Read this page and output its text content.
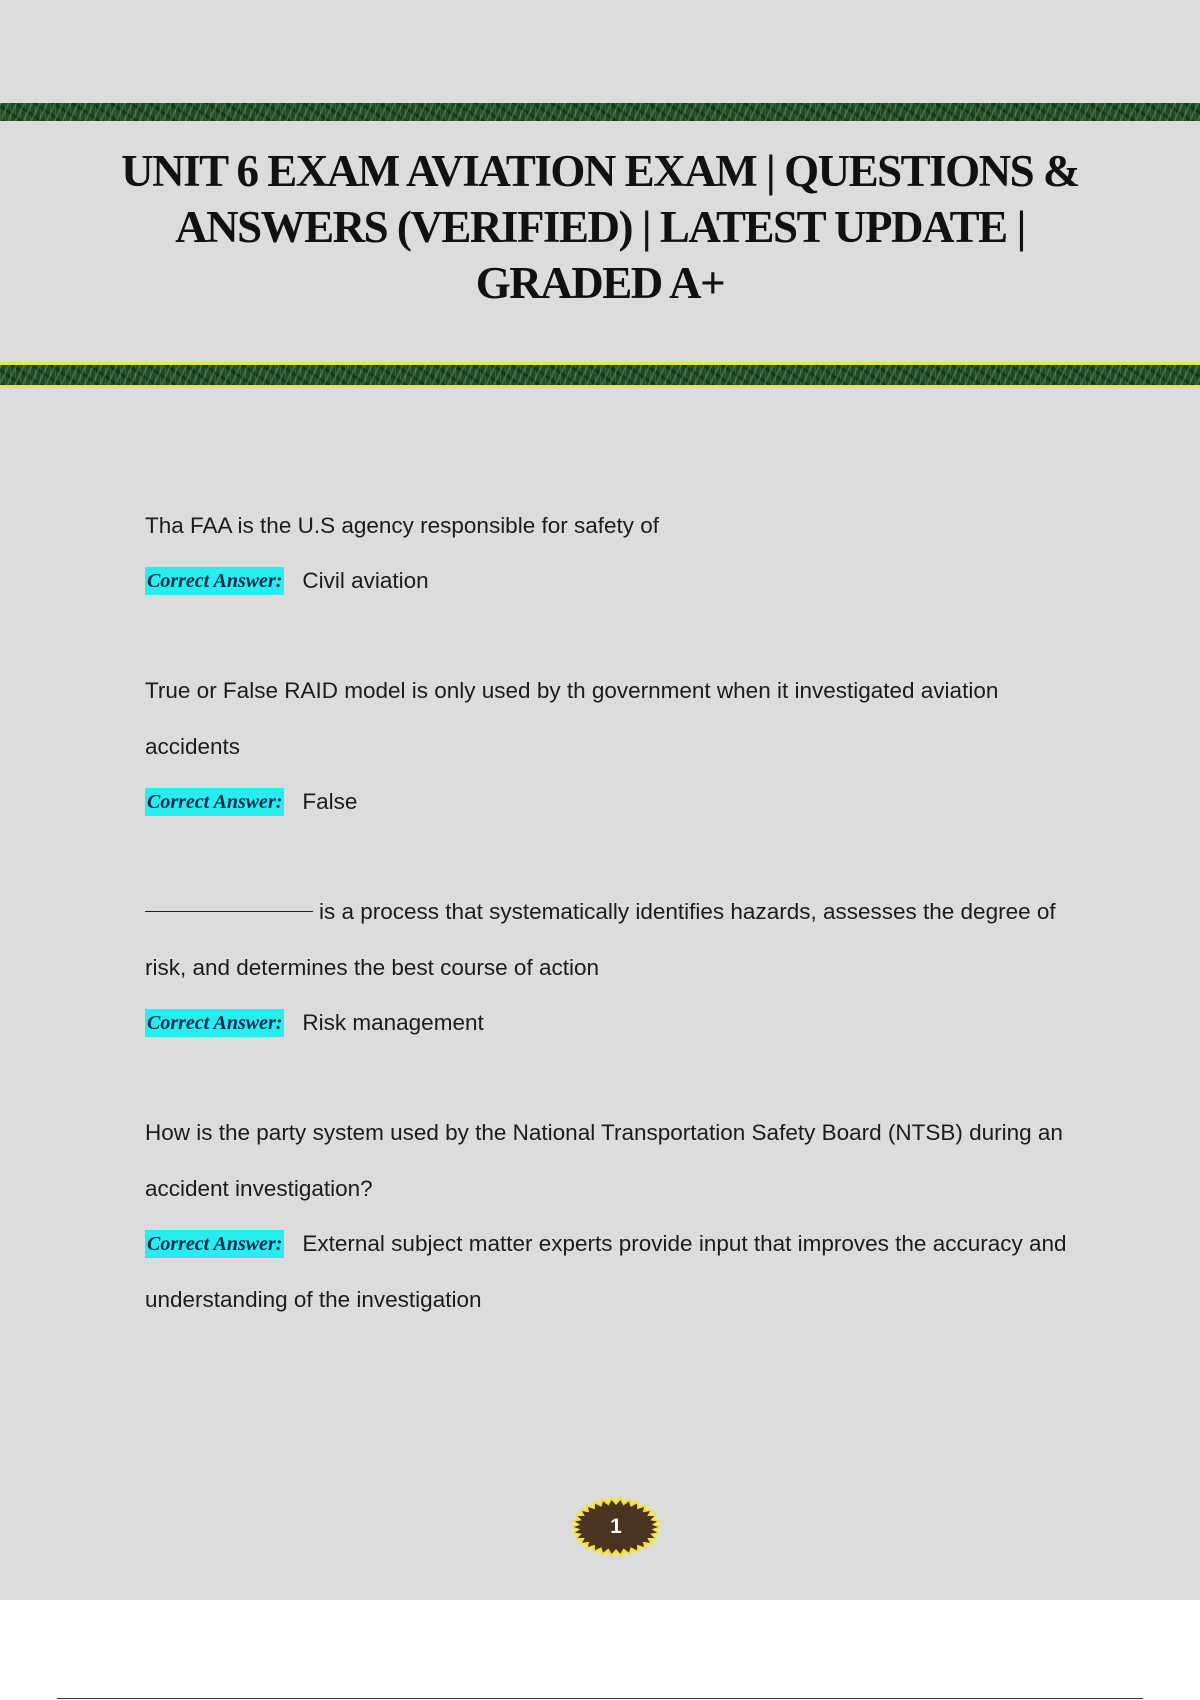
UNIT 6 EXAM AVIATION EXAM | QUESTIONS & ANSWERS (VERIFIED) | LATEST UPDATE | GRADED A+

Tha FAA is the U.S agency responsible for safety of

Correct Answer: Civil aviation

True or False RAID model is only used by th government when it investigated aviation accidents

Correct Answer: False

is a process that systematically identifies hazards, assesses the degree of risk, and determines the best course of action

Correct Answer: Risk management

How is the party system used by the National Transportation Safety Board (NTSB) during an accident investigation?

Correct Answer: External subject matter experts provide input that improves the accuracy and understanding of the investigation

1
